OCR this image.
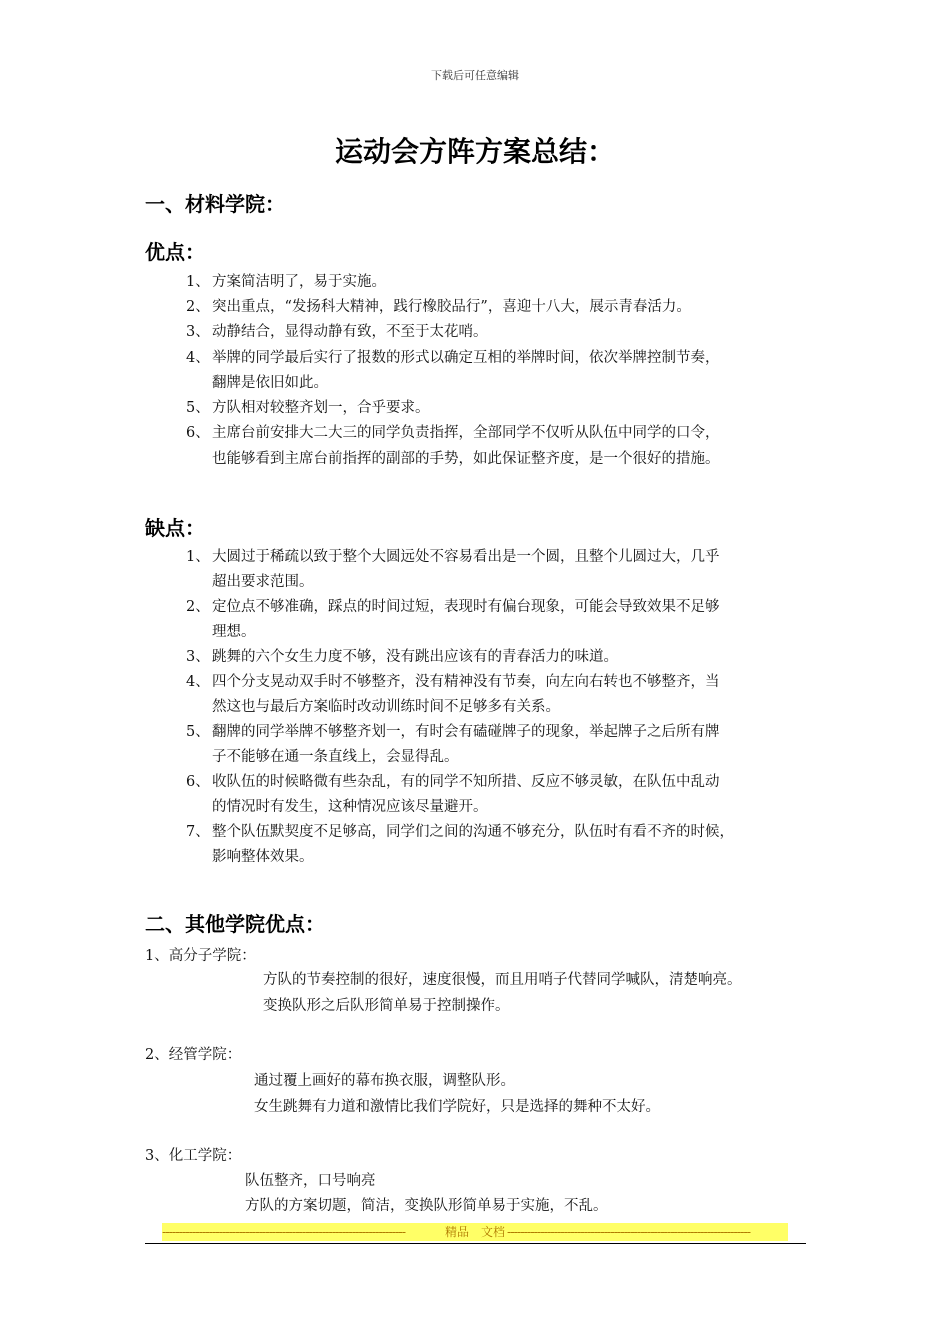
下载后可任意编辑
运动会方阵方案总结：
一、材料学院：
优点：
1、 方案简洁明了，易于实施。
2、 突出重点，“发扬科大精神，践行橡胶品行”，喜迎十八大，展示青春活力。
3、 动静结合，显得动静有致，不至于太花哨。
4、 举牌的同学最后实行了报数的形式以确定互相的举牌时间，依次举牌控制节奏，
翻牌是依旧如此。
5、 方队相对较整齐划一，合乎要求。
6、 主席台前安排大二大三的同学负责指挥，全部同学不仅听从队伍中同学的口令，
也能够看到主席台前指挥的副部的手势，如此保证整齐度，是一个很好的措施。
缺点：
1、 大圆过于稀疏以致于整个大圆远处不容易看出是一个圆，且整个儿圆过大，几乎
超出要求范围。
2、 定位点不够准确，踩点的时间过短，表现时有偏台现象，可能会导致效果不足够
理想。
3、 跳舞的六个女生力度不够，没有跳出应该有的青春活力的味道。
4、 四个分支晃动双手时不够整齐，没有精神没有节奏，向左向右转也不够整齐，当
然这也与最后方案临时改动训练时间不足够多有关系。
5、 翻牌的同学举牌不够整齐划一，有时会有磕碰牌子的现象，举起牌子之后所有牌
子不能够在通一条直线上，会显得乱。
6、 收队伍的时候略微有些杂乱，有的同学不知所措、反应不够灵敏，在队伍中乱动
的情况时有发生，这种情况应该尽量避开。
7、 整个队伍默契度不足够高，同学们之间的沟通不够充分，队伍时有看不齐的时候，
影响整体效果。
二、其他学院优点：
1、高分子学院：
方队的节奏控制的很好，速度很慢，而且用哨子代替同学喊队，清楚响亮。
变换队形之后队形简单易于控制操作。
2、经管学院：
通过覆上画好的幕布换衣服，调整队形。
女生跳舞有力道和激情比我们学院好，只是选择的舞种不太好。
3、化工学院：
队伍整齐，口号响亮
方队的方案切题，简洁，变换队形简单易于实施，不乱。
-------------------------------------------------------------------------	精品　文档 -------------------------------------------------------------------------
